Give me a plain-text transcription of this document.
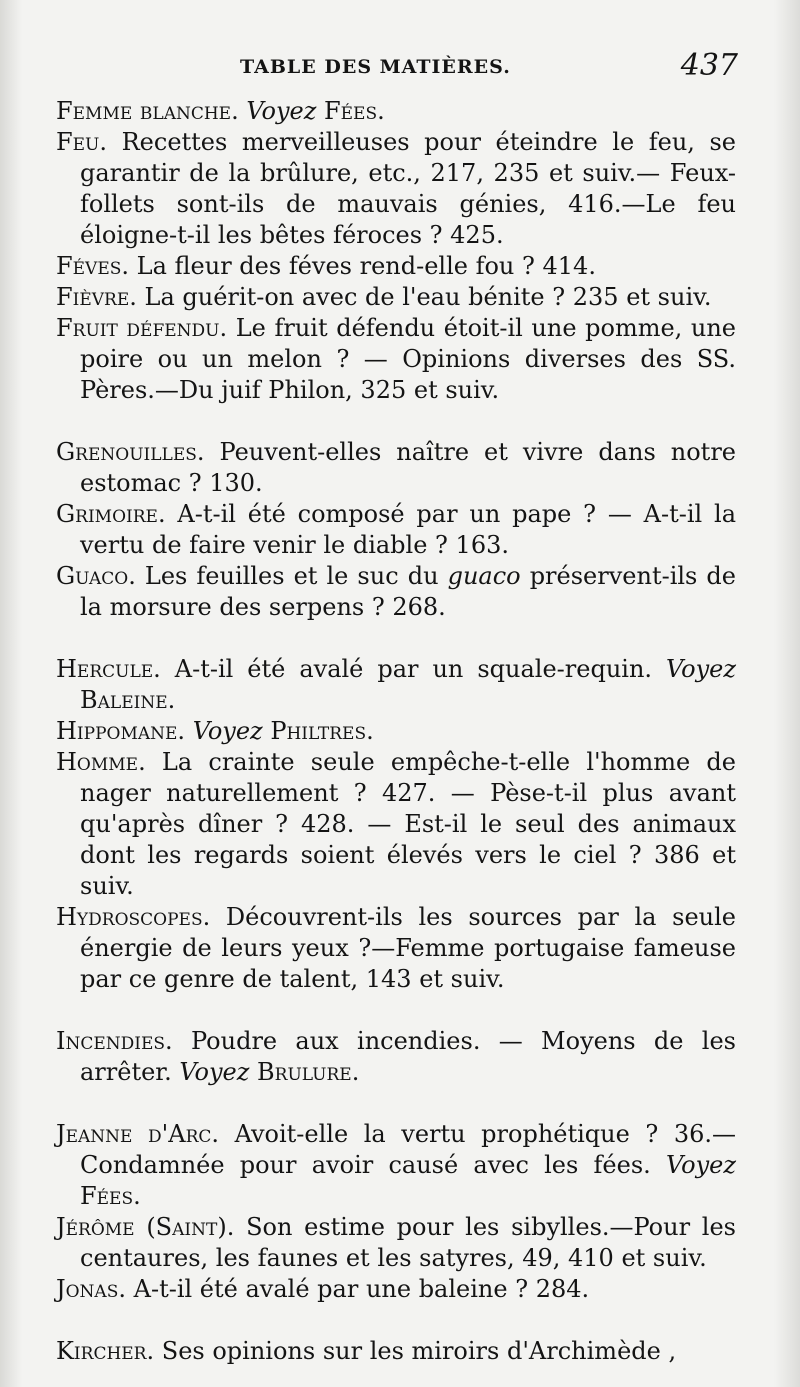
TABLE DES MATIÈRES.	437
Femme blanche. Voyez Fées.
Feu. Recettes merveilleuses pour éteindre le feu, se garantir de la brûlure, etc., 217, 235 et suiv.— Feux-follets sont-ils de mauvais génies, 416.—Le feu éloigne-t-il les bêtes féroces ? 425.
Féves. La fleur des féves rend-elle fou ? 414.
Fièvre. La guérit-on avec de l'eau bénite ? 235 et suiv.
Fruit défendu. Le fruit défendu étoit-il une pomme, une poire ou un melon ? — Opinions diverses des SS. Pères.—Du juif Philon, 325 et suiv.
Grenouilles. Peuvent-elles naître et vivre dans notre estomac ? 130.
Grimoire. A-t-il été composé par un pape ? — A-t-il la vertu de faire venir le diable ? 163.
Guaco. Les feuilles et le suc du guaco préservent-ils de la morsure des serpens ? 268.
Hercule. A-t-il été avalé par un squale-requin. Voyez Baleine.
Hippomane. Voyez Philtres.
Homme. La crainte seule empêche-t-elle l'homme de nager naturellement ? 427. — Pèse-t-il plus avant qu'après dîner ? 428. — Est-il le seul des animaux dont les regards soient élevés vers le ciel ? 386 et suiv.
Hydroscopes. Découvrent-ils les sources par la seule énergie de leurs yeux ?—Femme portugaise fameuse par ce genre de talent, 143 et suiv.
Incendies. Poudre aux incendies. — Moyens de les arrêter. Voyez Brulure.
Jeanne d'Arc. Avoit-elle la vertu prophétique ? 36.— Condamnée pour avoir causé avec les fées. Voyez Fées.
Jérôme (Saint). Son estime pour les sibylles.—Pour les centaures, les faunes et les satyres, 49, 410 et suiv.
Jonas. A-t-il été avalé par une baleine ? 284.
Kircher. Ses opinions sur les miroirs d'Archimède ,
